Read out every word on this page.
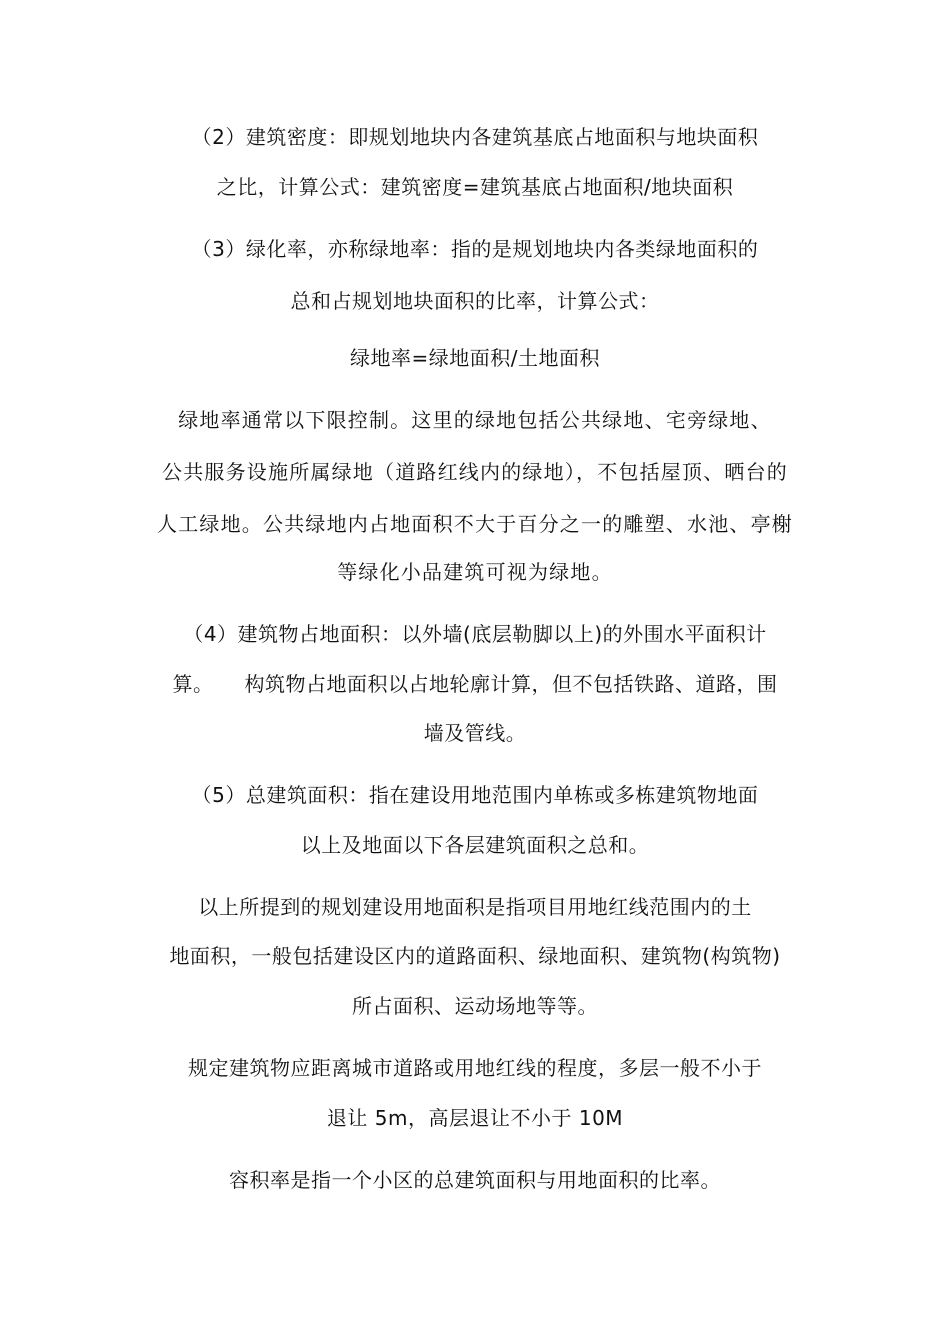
（2）建筑密度：即规划地块内各建筑基底占地面积与地块面积
之比，计算公式：建筑密度=建筑基底占地面积/地块面积
（3）绿化率，亦称绿地率：指的是规划地块内各类绿地面积的
总和占规划地块面积的比率，计算公式：
绿地率=绿地面积/土地面积
绿地率通常以下限控制。这里的绿地包括公共绿地、宅旁绿地、
公共服务设施所属绿地（道路红线内的绿地），不包括屋顶、晒台的
人工绿地。公共绿地内占地面积不大于百分之一的雕塑、水池、亭榭
等绿化小品建筑可视为绿地。
（4）建筑物占地面积：以外墙(底层勒脚以上)的外围水平面积计
算。　　构筑物占地面积以占地轮廓计算，但不包括铁路、道路，围
墙及管线。
（5）总建筑面积：指在建设用地范围内单栋或多栋建筑物地面
以上及地面以下各层建筑面积之总和。
以上所提到的规划建设用地面积是指项目用地红线范围内的土
地面积，一般包括建设区内的道路面积、绿地面积、建筑物(构筑物)
所占面积、运动场地等等。
规定建筑物应距离城市道路或用地红线的程度，多层一般不小于
退让 5m，高层退让不小于 10M
容积率是指一个小区的总建筑面积与用地面积的比率。
